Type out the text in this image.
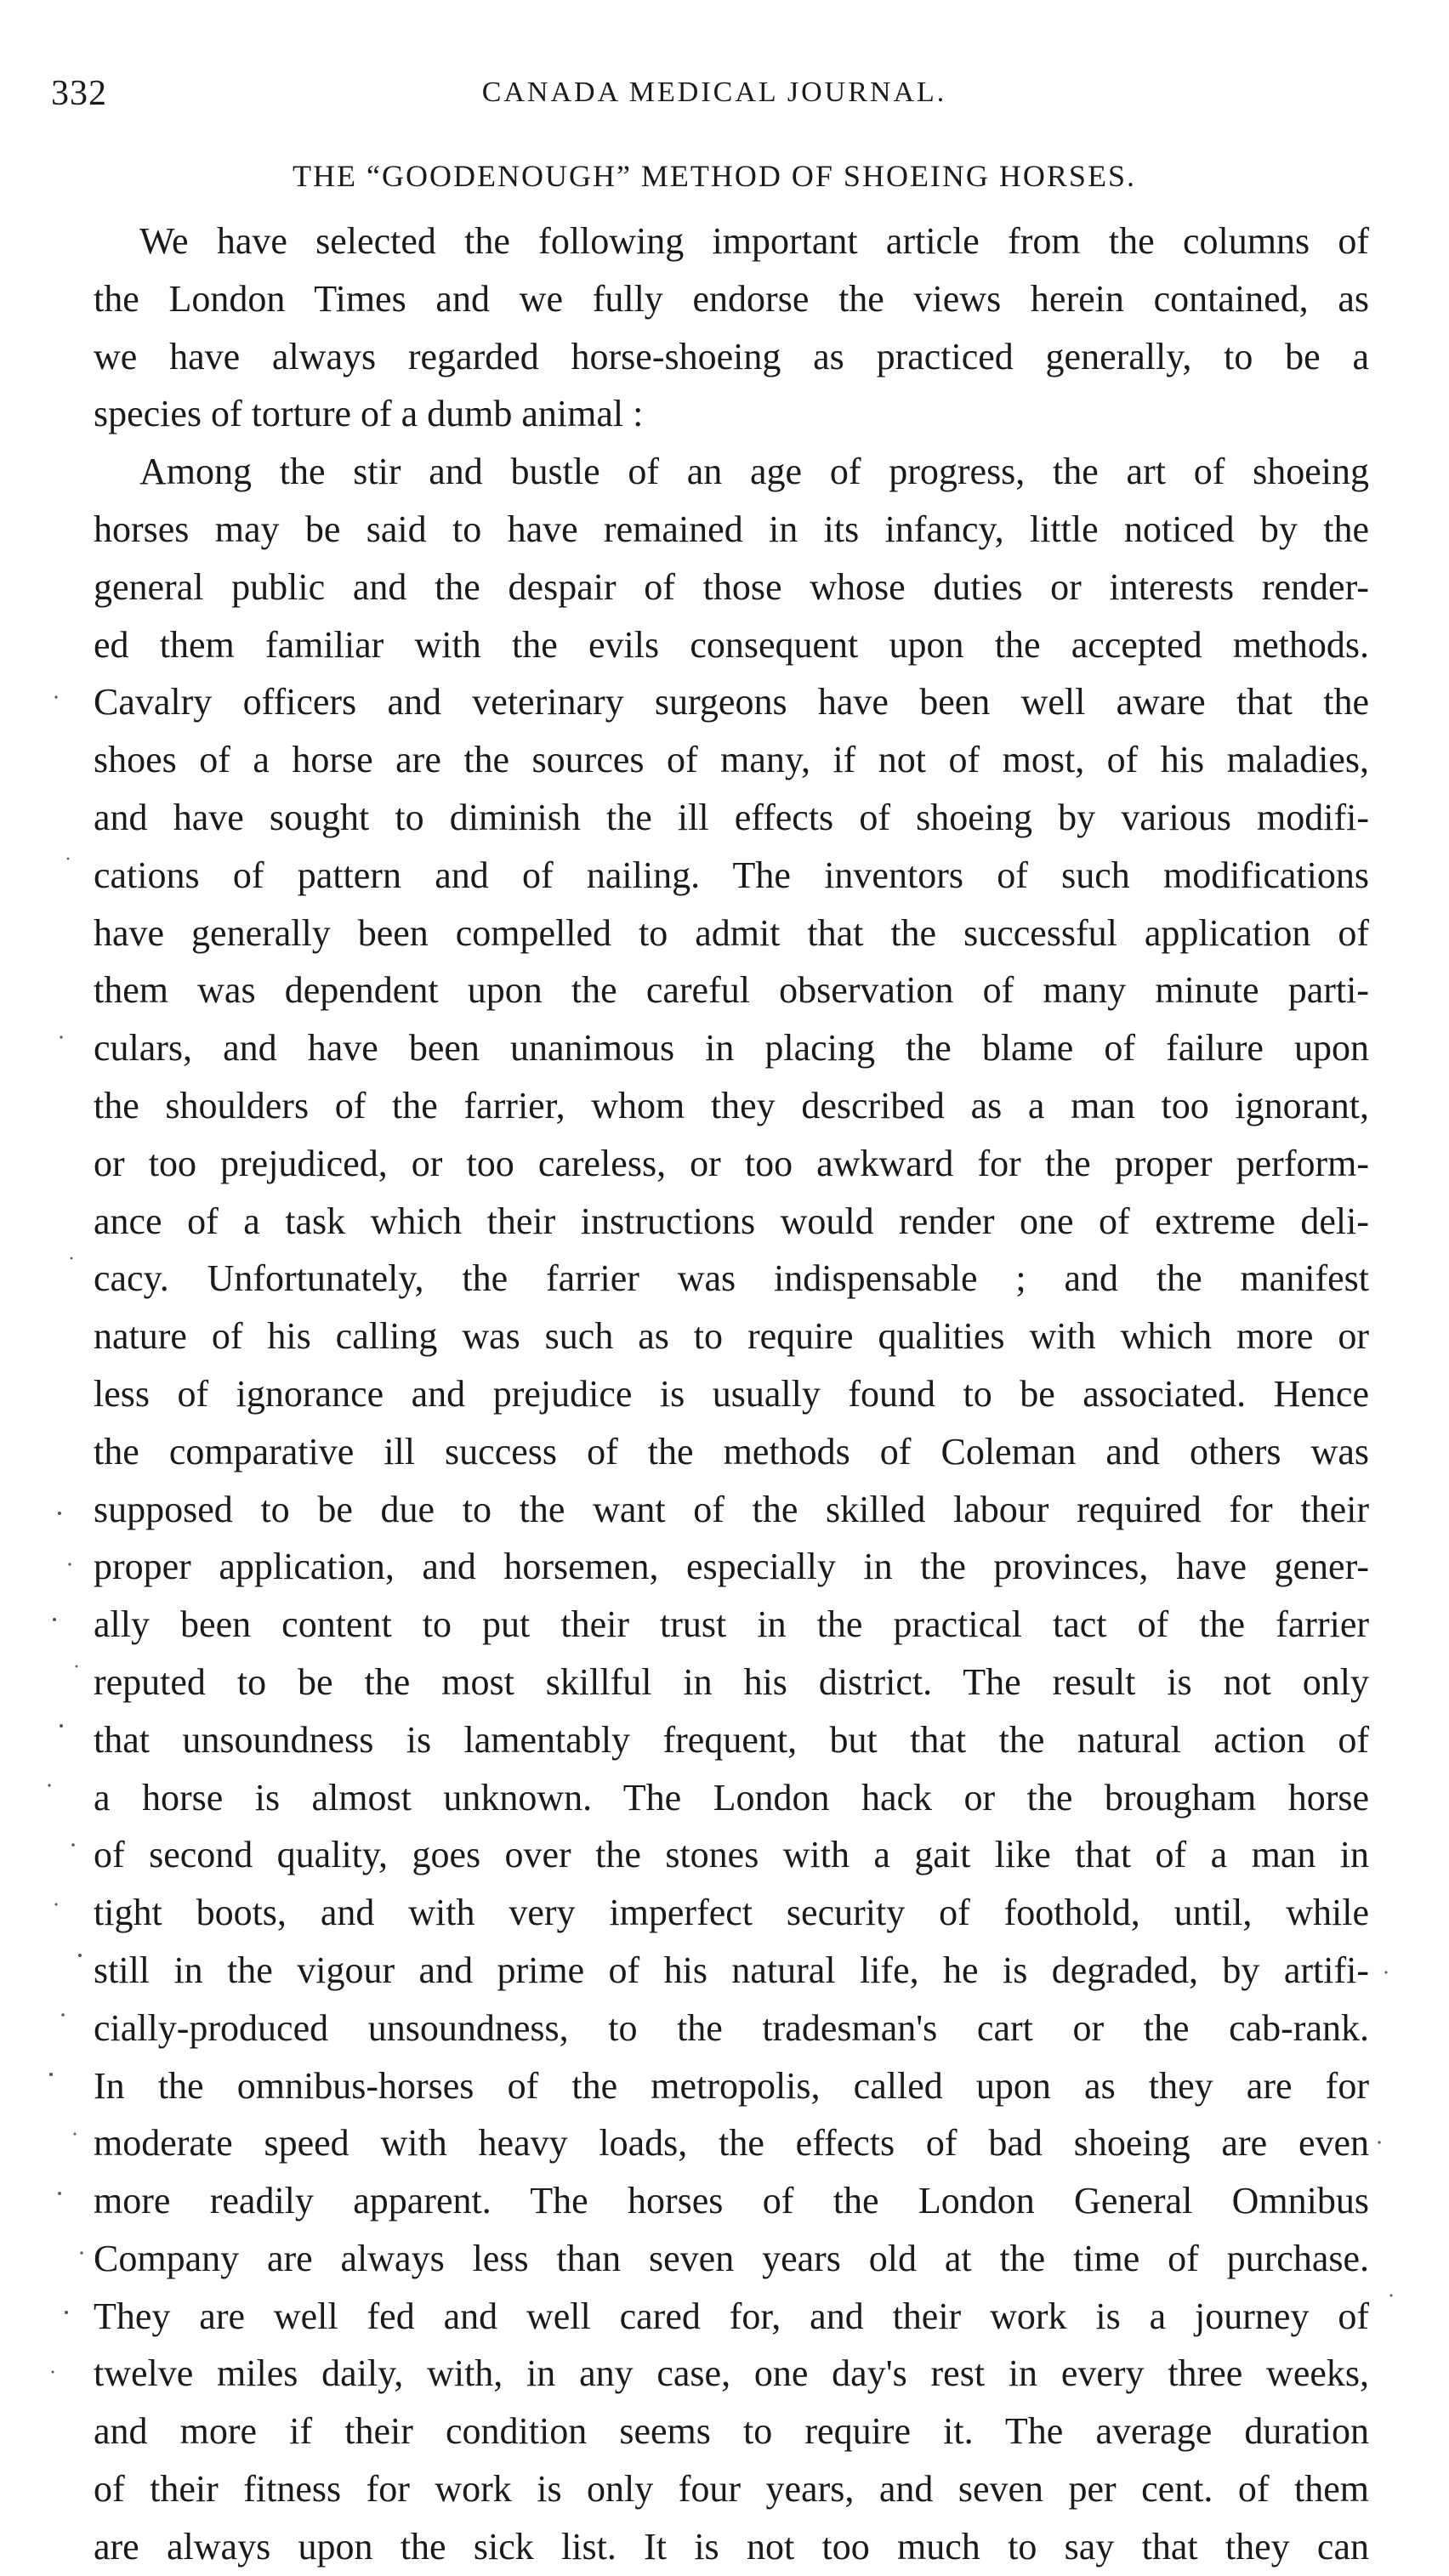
332	CANADA MEDICAL JOURNAL.
THE “GOODENOUGH” METHOD OF SHOEING HORSES.
We have selected the following important article from the columns of
the London Times and we fully endorse the views herein contained, as
we have always regarded horse-shoeing as practiced generally, to be a
species of torture of a dumb animal :
Among the stir and bustle of an age of progress, the art of shoeing
horses may be said to have remained in its infancy, little noticed by the
general public and the despair of those whose duties or interests render-
ed them familiar with the evils consequent upon the accepted methods.
Cavalry officers and veterinary surgeons have been well aware that the
shoes of a horse are the sources of many, if not of most, of his maladies,
and have sought to diminish the ill effects of shoeing by various modifi-
cations of pattern and of nailing. The inventors of such modifications
have generally been compelled to admit that the successful application of
them was dependent upon the careful observation of many minute parti-
culars, and have been unanimous in placing the blame of failure upon
the shoulders of the farrier, whom they described as a man too ignorant,
or too prejudiced, or too careless, or too awkward for the proper perform-
ance of a task which their instructions would render one of extreme deli-
cacy. Unfortunately, the farrier was indispensable ; and the manifest
nature of his calling was such as to require qualities with which more or
less of ignorance and prejudice is usually found to be associated. Hence
the comparative ill success of the methods of Coleman and others was
supposed to be due to the want of the skilled labour required for their
proper application, and horsemen, especially in the provinces, have gener-
ally been content to put their trust in the practical tact of the farrier
reputed to be the most skillful in his district. The result is not only
that unsoundness is lamentably frequent, but that the natural action of
a horse is almost unknown. The London hack or the brougham horse
of second quality, goes over the stones with a gait like that of a man in
tight boots, and with very imperfect security of foothold, until, while
still in the vigour and prime of his natural life, he is degraded, by artifi-
cially-produced unsoundness, to the tradesman's cart or the cab-rank.
In the omnibus-horses of the metropolis, called upon as they are for
moderate speed with heavy loads, the effects of bad shoeing are even
more readily apparent. The horses of the London General Omnibus
Company are always less than seven years old at the time of purchase.
They are well fed and well cared for, and their work is a journey of
twelve miles daily, with, in any case, one day's rest in every three weeks,
and more if their condition seems to require it. The average duration
of their fitness for work is only four years, and seven per cent. of them
are always upon the sick list. It is not too much to say that they can
